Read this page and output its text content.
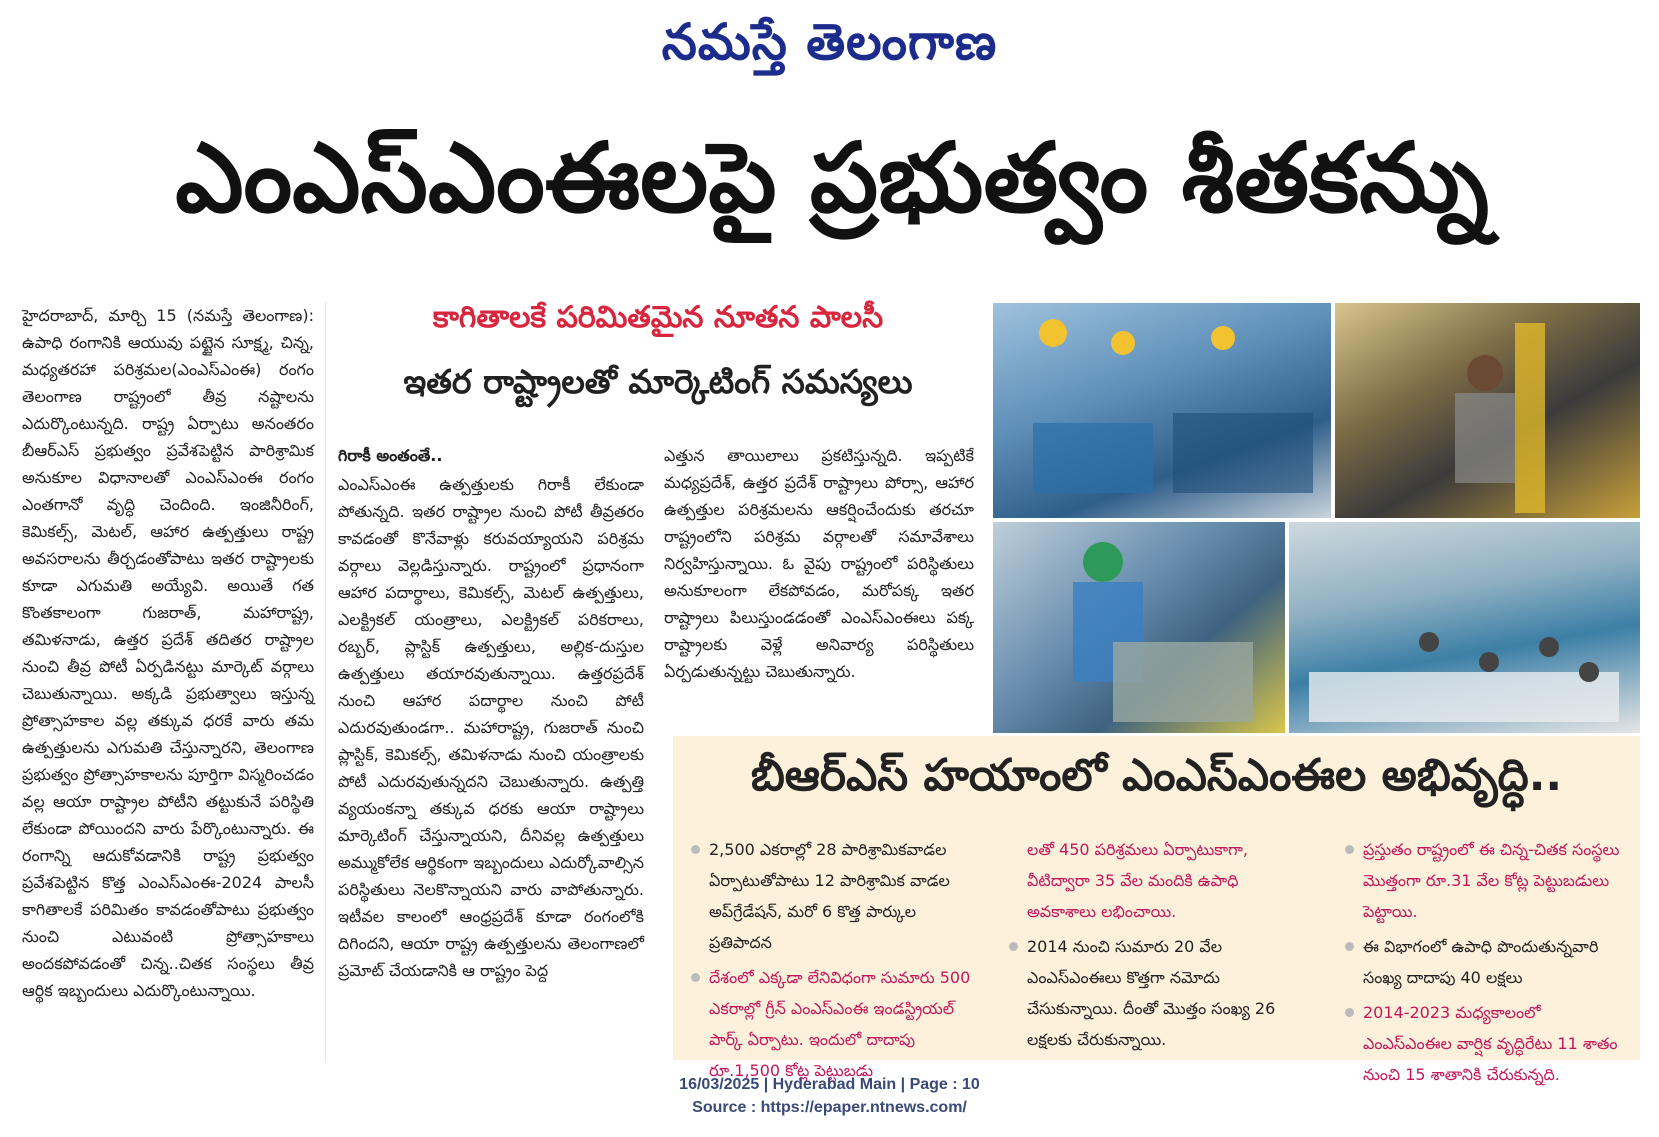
నమస్తే తెలంగాణ
ఎంఎస్‌ఎంఈలపై ప్రభుత్వం శీతకన్ను
హైదరాబాద్, మార్చి 15 (నమస్తే తెలంగాణ): ఉపాధి రంగానికి ఆయువు పట్టైన సూక్ష్మ, చిన్న, మధ్యతరహా పరిశ్రమల(ఎంఎస్‌ఎంఈ) రంగం తెలంగాణ రాష్ట్రంలో తీవ్ర నష్టాలను ఎదుర్కొంటున్నది. రాష్ట్ర ఏర్పాటు అనంతరం బీఆర్‌ఎస్ ప్రభుత్వం ప్రవేశపెట్టిన పారిశ్రామిక అనుకూల విధానాలతో ఎంఎస్‌ఎంఈ రంగం ఎంతగానో వృద్ధి చెందింది. ఇంజినీరింగ్, కెమికల్స్, మెటల్, ఆహార ఉత్పత్తులు రాష్ట్ర అవసరాలను తీర్చడంతోపాటు ఇతర రాష్ట్రాలకు కూడా ఎగుమతి అయ్యేవి. అయితే గత కొంతకాలంగా గుజరాత్, మహారాష్ట్ర, తమిళనాడు, ఉత్తర ప్రదేశ్ తదితర రాష్ట్రాల నుంచి తీవ్ర పోటీ ఏర్పడినట్టు మార్కెట్ వర్గాలు చెబుతున్నాయి. అక్కడి ప్రభుత్వాలు ఇస్తున్న ప్రోత్సాహకాల వల్ల తక్కువ ధరకే వారు తమ ఉత్పత్తులను ఎగుమతి చేస్తున్నారని, తెలంగాణ ప్రభుత్వం ప్రోత్సాహకాలను పూర్తిగా విస్మరించడం వల్ల ఆయా రాష్ట్రాల పోటీని తట్టుకునే పరిస్థితి లేకుండా పోయిందని వారు పేర్కొంటున్నారు. ఈ రంగాన్ని ఆదుకోవడానికి రాష్ట్ర ప్రభుత్వం ప్రవేశపెట్టిన కొత్త ఎంఎస్‌ఎంఈ-2024 పాలసీ కాగితాలకే పరిమితం కావడంతోపాటు ప్రభుత్వం నుంచి ఎటువంటి ప్రోత్సాహకాలు అందకపోవడంతో చిన్న..చితక సంస్థలు తీవ్ర ఆర్థిక ఇబ్బందులు ఎదుర్కొంటున్నాయి.
కాగితాలకే పరిమితమైన నూతన పాలసీ
ఇతర రాష్ట్రాలతో మార్కెటింగ్ సమస్యలు
గిరాకీ అంతంతే..
ఎంఎస్‌ఎంఈ ఉత్పత్తులకు గిరాకీ లేకుండా పోతున్నది. ఇతర రాష్ట్రాల నుంచి పోటీ తీవ్రతరం కావడంతో కొనేవాళ్లు కరువయ్యాయని పరిశ్రమ వర్గాలు వెల్లడిస్తున్నారు. రాష్ట్రంలో ప్రధానంగా ఆహార పదార్థాలు, కెమికల్స్, మెటల్ ఉత్పత్తులు, ఎలక్ట్రికల్ యంత్రాలు, ఎలక్ట్రికల్ పరికరాలు, రబ్బర్, ప్లాస్టిక్ ఉత్పత్తులు, అల్లిక-దుస్తుల ఉత్పత్తులు తయారవుతున్నాయి. ఉత్తరప్రదేశ్ నుంచి ఆహార పదార్థాల నుంచి పోటీ ఎదురవుతుండగా.. మహారాష్ట్ర, గుజరాత్ నుంచి ప్లాస్టిక్, కెమికల్స్, తమిళనాడు నుంచి యంత్రాలకు పోటీ ఎదురవుతున్నదని చెబుతున్నారు. ఉత్పత్తి వ్యయంకన్నా తక్కువ ధరకు ఆయా రాష్ట్రాలు మార్కెటింగ్ చేస్తున్నాయని, దీనివల్ల ఉత్పత్తులు అమ్ముకోలేక ఆర్థికంగా ఇబ్బందులు ఎదుర్కోవాల్సిన పరిస్థితులు నెలకొన్నాయని వారు వాపోతున్నారు. ఇటీవల కాలంలో ఆంధ్రప్రదేశ్ కూడా రంగంలోకి దిగిందని, ఆయా రాష్ట్ర ఉత్పత్తులను తెలంగాణలో ప్రమోట్ చేయడానికి ఆ రాష్ట్రం పెద్ద
ఎత్తున తాయిలాలు ప్రకటిస్తున్నది. ఇప్పటికే మధ్యప్రదేశ్, ఉత్తర ప్రదేశ్ రాష్ట్రాలు పోర్సా, ఆహార ఉత్పత్తుల పరిశ్రమలను ఆకర్షించేందుకు తరచూ రాష్ట్రంలోని పరిశ్రమ వర్గాలతో సమావేశాలు నిర్వహిస్తున్నాయి. ఓ వైపు రాష్ట్రంలో పరిస్థితులు అనుకూలంగా లేకపోవడం, మరోపక్క ఇతర రాష్ట్రాలు పిలుస్తుండడంతో ఎంఎస్‌ఎంఈలు పక్క రాష్ట్రాలకు వెళ్లే అనివార్య పరిస్థితులు ఏర్పడుతున్నట్టు చెబుతున్నారు.
బీఆర్‌ఎస్ హయాంలో ఎంఎస్‌ఎంఈల అభివృద్ధి..
2,500 ఎకరాల్లో 28 పారిశ్రామికవాడల ఏర్పాటుతోపాటు 12 పారిశ్రామిక వాడల అప్‌గ్రేడేషన్, మరో 6 కొత్త పార్కుల ప్రతిపాదన
దేశంలో ఎక్కడా లేనివిధంగా సుమారు 500 ఎకరాల్లో గ్రీన్ ఎంఎస్‌ఎంఈ ఇండస్ట్రియల్ పార్క్ ఏర్పాటు. ఇందులో దాదాపు రూ.1,500 కోట్ల పెట్టుబడు
లతో 450 పరిశ్రమలు ఏర్పాటుకాగా, వీటిద్వారా 35 వేల మందికి ఉపాధి అవకాశాలు లభించాయి.
2014 నుంచి సుమారు 20 వేల ఎంఎస్‌ఎంఈలు కొత్తగా నమోదు చేసుకున్నాయి. దీంతో మొత్తం సంఖ్య 26 లక్షలకు చేరుకున్నాయి.
ప్రస్తుతం రాష్ట్రంలో ఈ చిన్న-చితక సంస్థలు మొత్తంగా రూ.31 వేల కోట్ల పెట్టుబడులు పెట్టాయి.
ఈ విభాగంలో ఉపాధి పొందుతున్నవారి సంఖ్య దాదాపు 40 లక్షలు
2014-2023 మధ్యకాలంలో ఎంఎస్‌ఎంఈల వార్షిక వృద్ధిరేటు 11 శాతం నుంచి 15 శాతానికి చేరుకున్నది.
16/03/2025 | Hyderabad Main | Page : 10
Source : https://epaper.ntnews.com/
